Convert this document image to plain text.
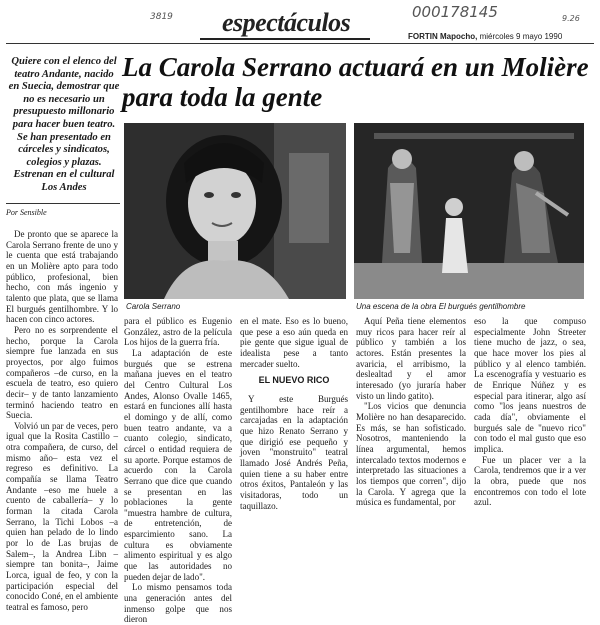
3819	000178145	9.26
espectáculos	FORTIN Mapocho, miércoles 9 mayo 1990
La Carola Serrano actuará en un Molière para toda la gente
Quiere con el elenco del teatro Andante, nacido en Suecia, demostrar que no es necesario un presupuesto millonario para hacer buen teatro. Se han presentado en cárceles y sindicatos, colegios y plazas. Estrenan en el cultural Los Andes
Por Sensible
Carola Serrano	Una escena de la obra El burgués gentilhombre

De pronto que se aparece la Carola Serrano frente de uno y le cuenta que está trabajando en un Molière apto para todo público, profesional, bien hecho, con más ingenio y talento que plata, que se llama El burgués gentilhombre. Y lo hacen con cinco actores.

Pero no es sorprendente el hecho, porque la Carola siempre fue lanzada en sus proyectos, por algo fuimos compañeros –de curso, en la escuela de teatro, eso quiero decir– y de tanto lanzamiento terminó haciendo teatro en Suecia.

Volvió un par de veces, pero igual que la Rosita Castillo –otra compañera, de curso, del mismo año– esta vez el regreso es definitivo. La compañía se llama Teatro Andante –eso me huele a cuento de caballería– y lo forman la citada Carola Serrano, la Tichi Lobos –a quien han pelado de lo lindo por lo de Las brujas de Salem–, la Andrea Libn –siempre tan bonita–, Jaime Lorca, igual de feo, y con la participación especial del conocido Coné, en el ambiente teatral es famoso, pero

para el público es Eugenio González, astro de la película Los hijos de la guerra fría.

La adaptación de este burgués que se estrena mañana jueves en el teatro del Centro Cultural Los Andes, Alonso Ovalle 1465, estará en funciones allí hasta el domingo y de allí, como buen teatro andante, va a cuanto colegio, sindicato, cárcel o entidad requiera de su aporte. Porque estamos de acuerdo con la Carola Serrano que dice que cuando se presentan en las poblaciones la gente "muestra hambre de cultura, de entretención, de esparcimiento sano. La cultura es obviamente alimento espiritual y es algo que las autoridades no pueden dejar de lado".

Lo mismo pensamos toda una generación antes del inmenso golpe que nos dieron

en el mate. Eso es lo bueno, que pese a eso aún queda en pie gente que sigue igual de idealista pese a tanto mercader suelto.

EL NUEVO RICO

Y este Burgués gentilhombre hace reír a carcajadas en la adaptación que hizo Renato Serrano y que dirigió ese pequeño y joven "monstruito" teatral llamado José Andrés Peña, quien tiene a su haber entre otros éxitos, Pantaleón y las visitadoras, todo un taquillazo.

Aquí Peña tiene elementos muy ricos para hacer reír al público y también a los actores. Están presentes la avaricia, el arribismo, la deslealtad y el amor interesado (yo juraría haber visto un lindo gatito).

"Los vicios que denuncia Molière no han desaparecido. Es más, se han sofisticado. Nosotros, manteniendo la línea argumental, hemos intercalado textos modernos e interpretado las situaciones a los tiempos que corren", dijo la Carola. Y agrega que la música es fundamental, por

eso la que compuso especialmente John Streeter tiene mucho de jazz, o sea, que hace mover los pies al público y al elenco también. La escenografía y vestuario es de Enrique Núñez y es especial para itinerar, algo así como "los jeans nuestros de cada día", obviamente el burgués sale de "nuevo rico" con todo el mal gusto que eso implica.

Fue un placer ver a la Carola, tendremos que ir a ver la obra, puede que nos encontremos con todo el lote azul.
